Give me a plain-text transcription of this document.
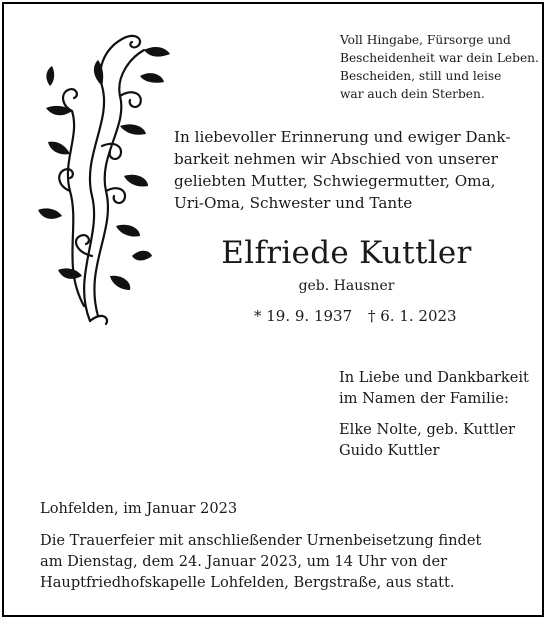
Voll Hingabe, Fürsorge und
Bescheidenheit war dein Leben.
Bescheiden, still und leise
war auch dein Sterben.
In liebevoller Erinnerung und ewiger Dank-
barkeit nehmen wir Abschied von unserer
geliebten Mutter, Schwiegermutter, Oma,
Uri-Oma, Schwester und Tante
Elfriede Kuttler
geb. Hausner
* 19. 9. 1937 † 6. 1. 2023
In Liebe und Dankbarkeit
im Namen der Familie:
Elke Nolte, geb. Kuttler
Guido Kuttler
Lohfelden, im Januar 2023
Die Trauerfeier mit anschließender Urnenbeisetzung findet
am Dienstag, dem 24. Januar 2023, um 14 Uhr von der
Hauptfriedhofskapelle Lohfelden, Bergstraße, aus statt.
